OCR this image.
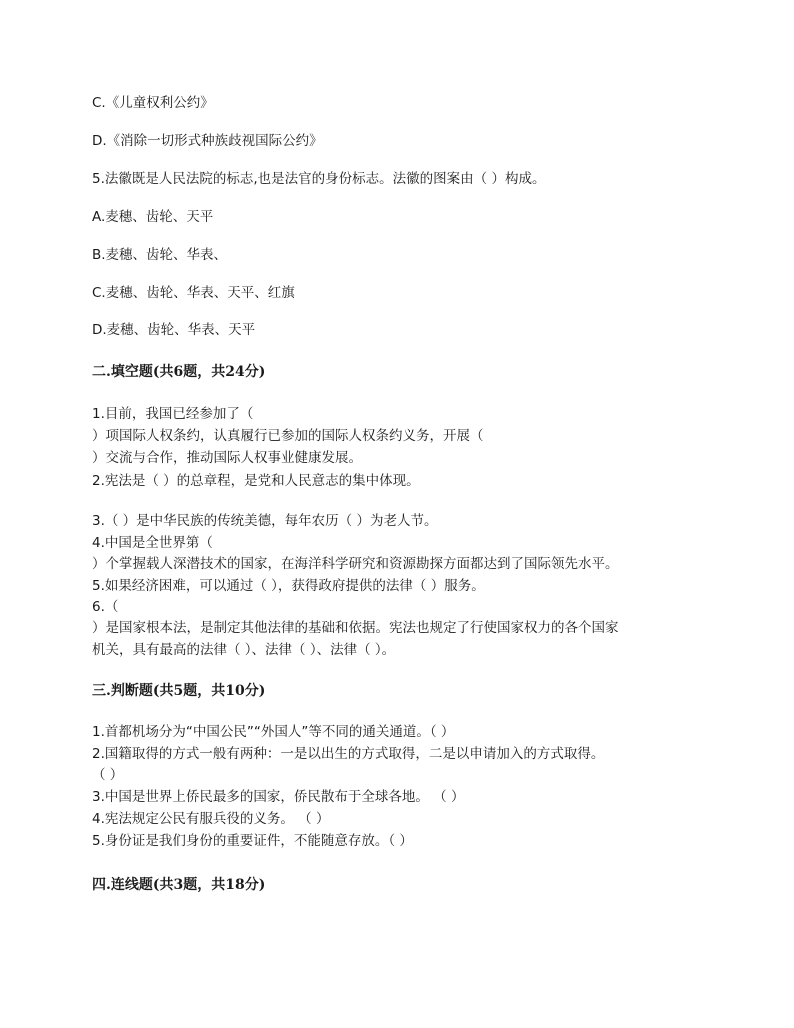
C.《儿童权利公约》
D.《消除一切形式种族歧视国际公约》
5.法徽既是人民法院的标志,也是法官的身份标志。法徽的图案由（ ）构成。
A.麦穗、齿轮、天平
B.麦穗、齿轮、华表、
C.麦穗、齿轮、华表、天平、红旗
D.麦穗、齿轮、华表、天平
二.填空题(共6题，共24分)
1.目前，我国已经参加了（
）项国际人权条约，认真履行已参加的国际人权条约义务，开展（
）交流与合作，推动国际人权事业健康发展。
2.宪法是（ ）的总章程，是党和人民意志的集中体现。
3.（ ）是中华民族的传统美德，每年农历（ ）为老人节。
4.中国是全世界第（
）个掌握载人深潜技术的国家，在海洋科学研究和资源勘探方面都达到了国际领先水平。
5.如果经济困难，可以通过（ ），获得政府提供的法律（ ）服务。
6.（
）是国家根本法，是制定其他法律的基础和依据。宪法也规定了行使国家权力的各个国家
机关，具有最高的法律（ ）、法律（ ）、法律（ ）。
三.判断题(共5题，共10分)
1.首都机场分为“中国公民”“外国人”等不同的通关通道。（ ）
2.国籍取得的方式一般有两种：一是以出生的方式取得，二是以申请加入的方式取得。
（ ）
3.中国是世界上侨民最多的国家，侨民散布于全球各地。 （ ）
4.宪法规定公民有服兵役的义务。 （ ）
5.身份证是我们身份的重要证件，不能随意存放。（ ）
四.连线题(共3题，共18分)
